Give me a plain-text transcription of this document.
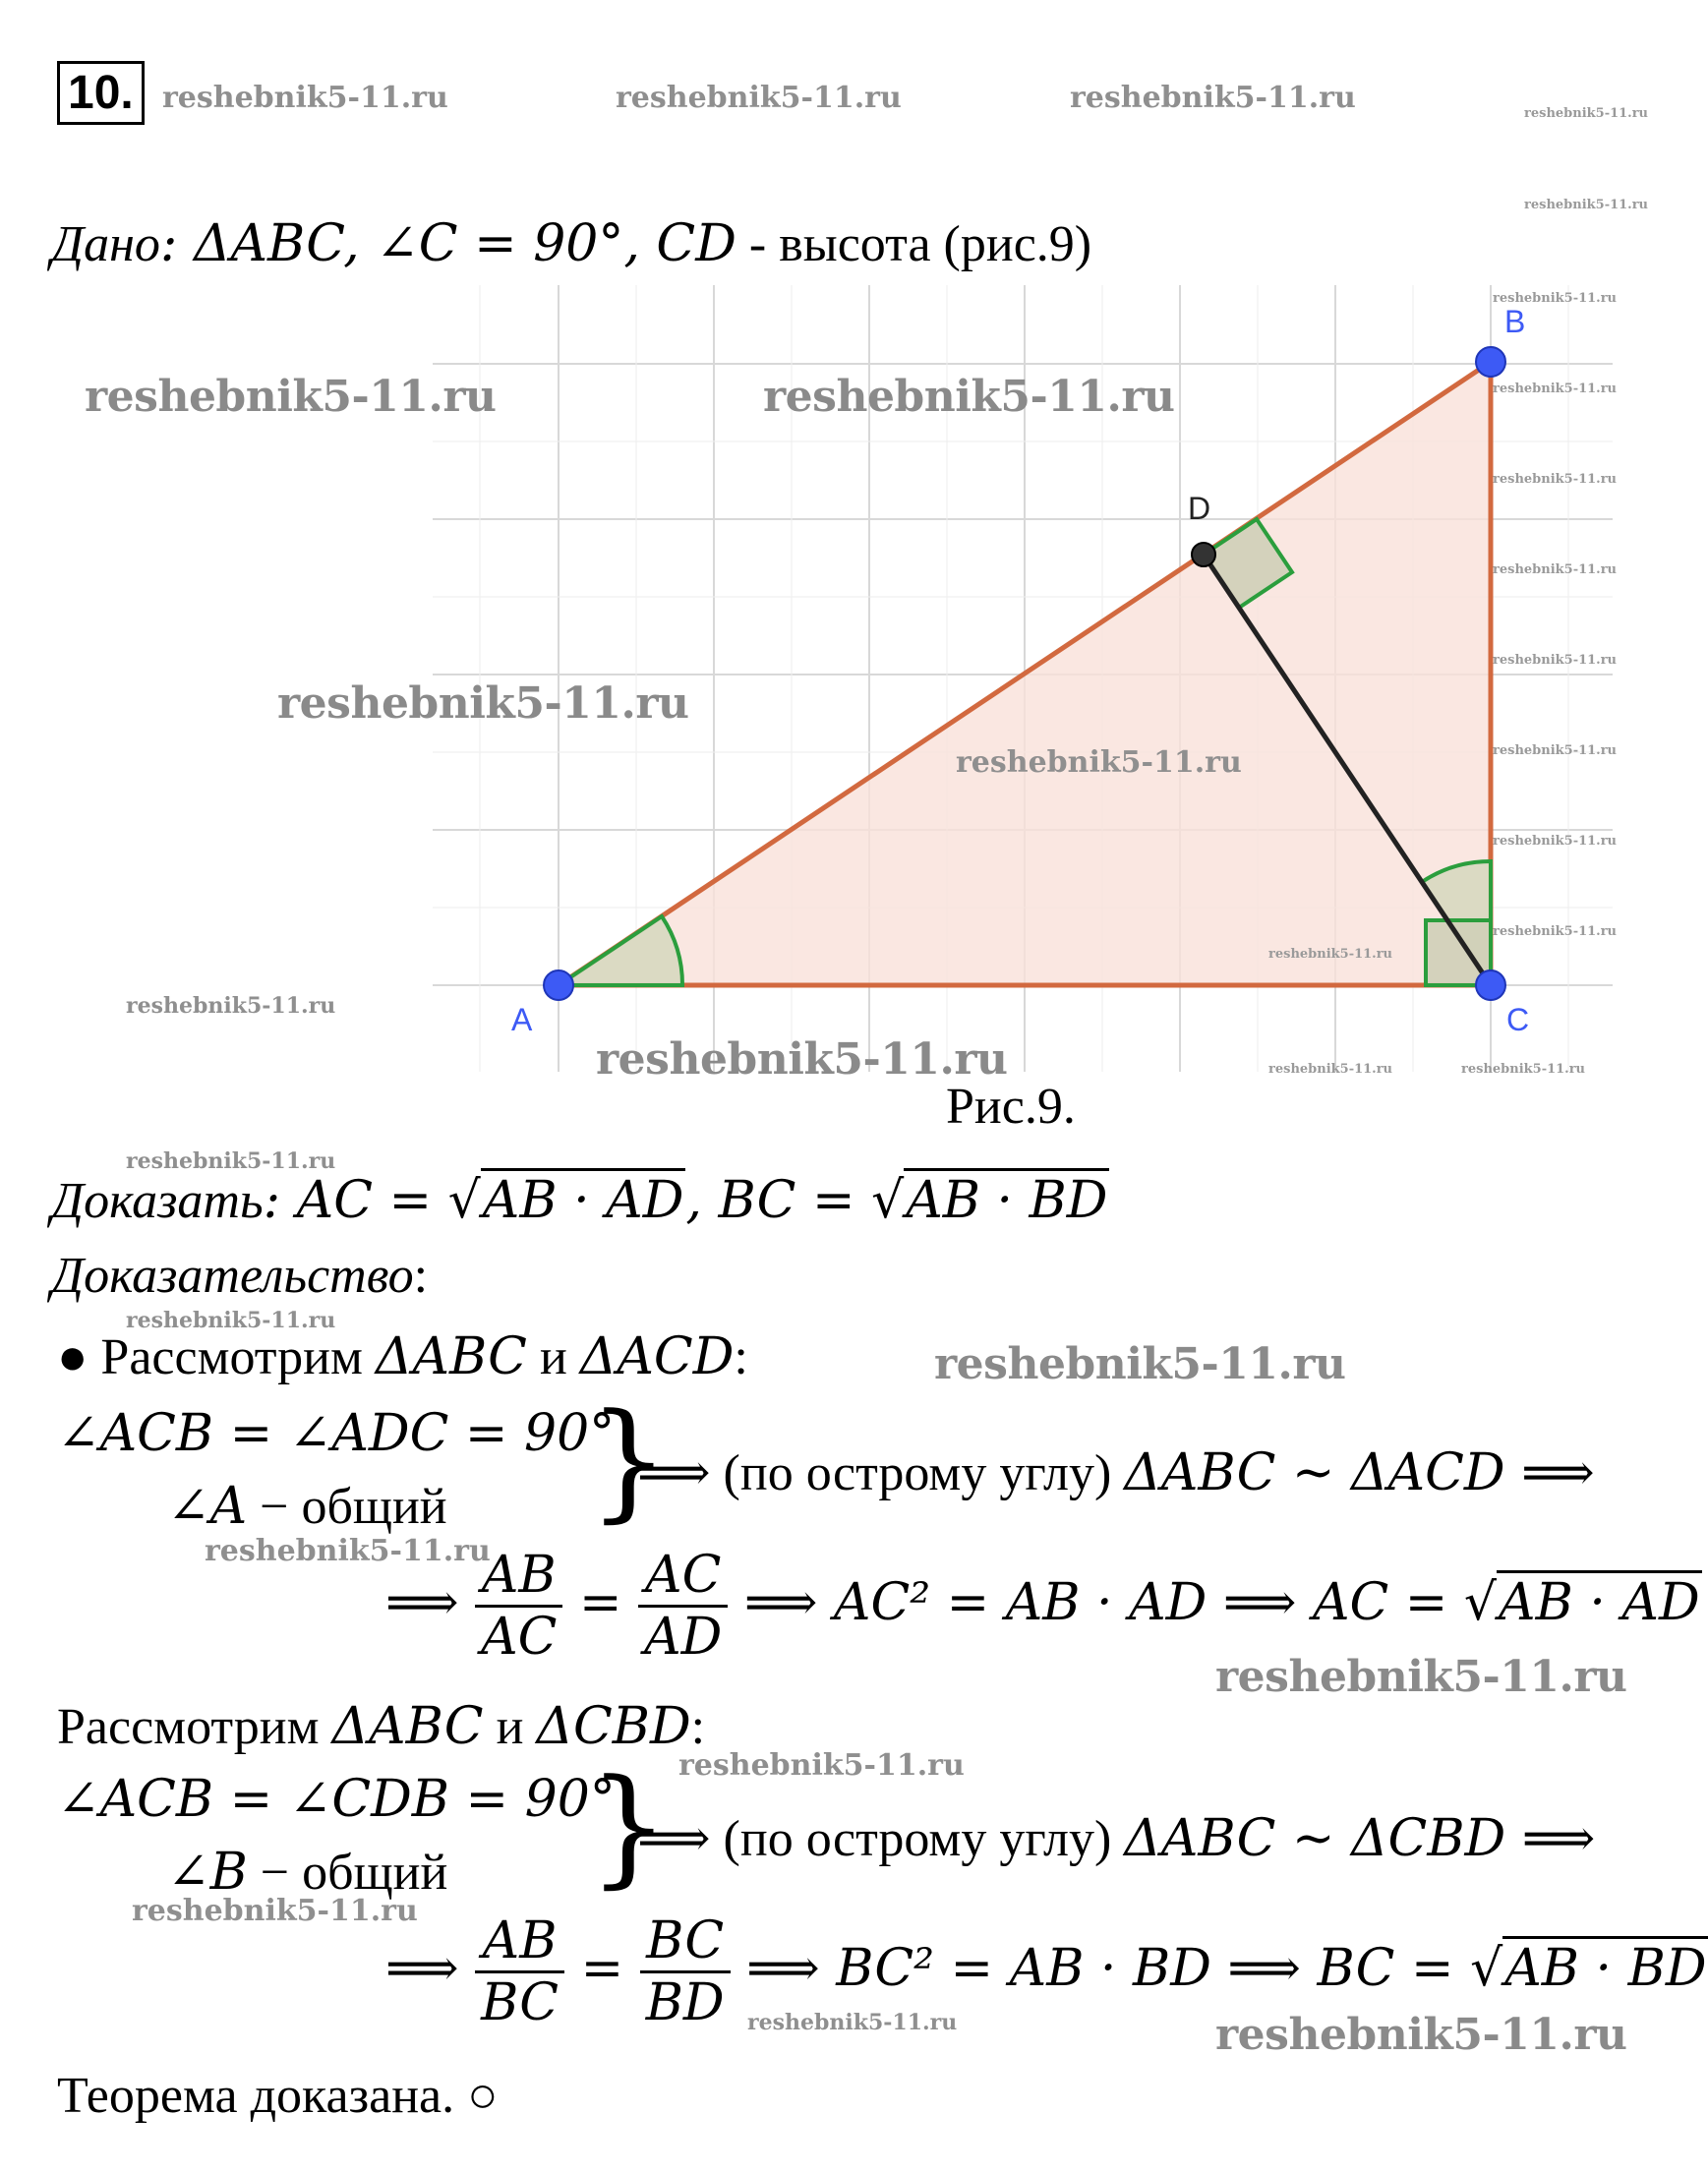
10. reshebnik5-11.ru	reshebnik5-11.ru	reshebnik5-11.ru	reshebnik5-11.ru
reshebnik5-11.ru
Дано: ΔABC, ∠C = 90°, CD - высота (рис.9)
A
B
C
D
reshebnik5-11.ru	reshebnik5-11.ru
reshebnik5-11.ru
reshebnik5-11.ru
reshebnik5-11.ru
reshebnik5-11.ru
reshebnik5-11.ru
reshebnik5-11.ru
reshebnik5-11.ru
reshebnik5-11.ru
reshebnik5-11.ru
reshebnik5-11.ru
reshebnik5-11.ru
reshebnik5-11.ru
reshebnik5-11.ru
reshebnik5-11.ru	reshebnik5-11.ru
Рис.9.
reshebnik5-11.ru
Доказать: AC = √AB · AD, BC = √AB · BD
Доказательство:
reshebnik5-11.ru
● Рассмотрим ΔABC и ΔACD:	reshebnik5-11.ru
∠ACB = ∠ADC = 90°
∠A − общий }
⟹ (по острому углу) ΔABC ~ ΔACD ⟹
reshebnik5-11.ru
⟹ $\frac{AB}{AC} = \frac{AC}{AD}$ ⟹ AC² = AB · AD ⟹ AC = √AB · AD
reshebnik5-11.ru
Рассмотрим ΔABC и ΔCBD:
reshebnik5-11.ru
∠ACB = ∠CDB = 90°
∠B − общий }
⟹ (по острому углу) ΔABC ~ ΔCBD ⟹
reshebnik5-11.ru
⟹ $\frac{AB}{BC} = \frac{BC}{BD}$ ⟹ BC² = AB · BD ⟹ BC = √AB · BD
reshebnik5-11.ru	reshebnik5-11.ru
Теорема доказана. ○
